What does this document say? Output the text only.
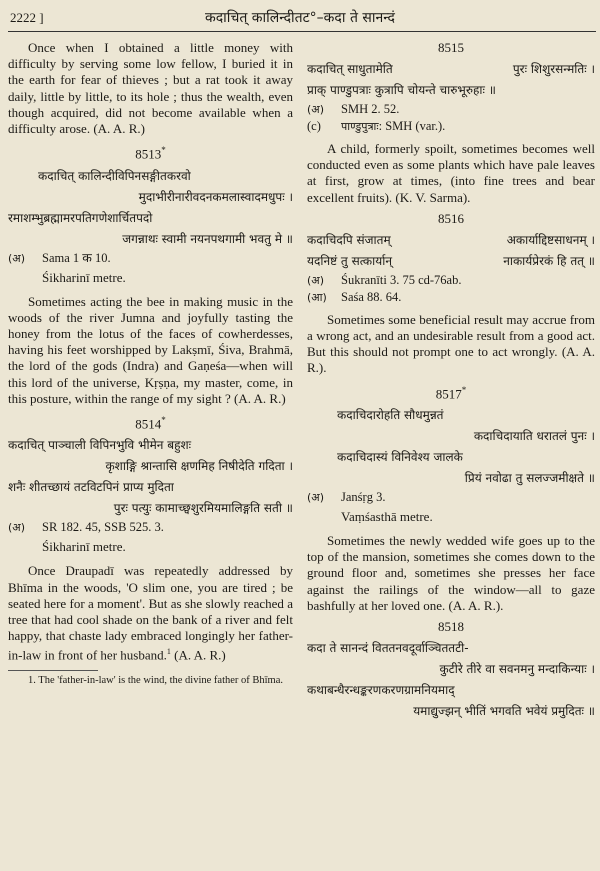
2222 ]	कदाचित् कालिन्दीतट°–कदा ते सानन्दं

Once when I obtained a little money with difficulty by serving some low fellow, I buried it in the earth for fear of thieves ; but a rat took it away daily, little by little, to its hole ; thus the wealth, even though acquired, did not become available when a difficulty arose. (A. A. R.)

8513*
कदाचित् कालिन्दीविपिनसङ्गीतकरवो
मुदाभीरीनारीवदनकमलास्वादमधुपः ।
रमाशम्भुब्रह्मामरपतिगणेशार्चितपदो
जगन्नाथः स्वामी नयनपथगामी भवतु मे ॥
(अ) Sama 1 क 10.
Śikharinī metre.

Sometimes acting the bee in making music in the woods of the river Jumna and joyfully tasting the honey from the lotus of the faces of cowherdesses, having his feet worshipped by Lakṣmī, Śiva, Brahmā, the lord of the gods (Indra) and Gaṇeśa—when will this lord of the universe, Kṛṣṇa, my master, come, in this posture, within the range of my sight ? (A. A. R.)

8514*
कदाचित् पाञ्चाली विपिनभुवि भीमेन बहुशः
कृशाङ्गि श्रान्तासि क्षणमिह निषीदेति गदिता ।
शनैः शीतच्छायं तटविटपिनं प्राप्य मुदिता
पुरः पत्युः कामाच्छ्वशुरमियमालिङ्गति सती ॥
(अ) SR 182. 45, SSB 525. 3.
Śikharinī metre.

Once Draupadī was repeatedly addressed by Bhīma in the woods, 'O slim one, you are tired ; be seated here for a moment'. But as she slowly reached a tree that had cool shade on the bank of a river and felt happy, that chaste lady embraced longingly her father-in-law in front of her husband.$^1$ (A. A. R.)

1. The 'father-in-law' is the wind, the divine father of Bhīma.
8515
कदाचित् साधुतामेति	पुरः शिशुरसन्मतिः ।
प्राक् पाण्डुपत्राः कुत्रापि चोयन्ते चारुभूरुहाः ॥
(अ) SMH 2. 52.
(c) पाण्डुपुत्राः: SMH (var.).

A child, formerly spoilt, sometimes becomes well conducted even as some plants which have pale leaves at first, grow at times, (into fine trees and bear excellent fruits). (K. V. Sarma).

8516
कदाचिदपि संजातम्	अकार्याद्दिष्टसाधनम् ।
यदनिष्टं तु सत्कार्यान्	नाकार्यप्रेरकं हि तत् ॥
(अ) Śukranīti 3. 75 cd-76ab.
(आ) Saśa 88. 64.

Sometimes some beneficial result may accrue from a wrong act, and an undesirable result from a good act. But this should not prompt one to act wrongly. (A. A. R.).

8517*
कदाचिदारोहति सौधमुन्नतं
कदाचिदायाति धरातलं पुनः ।
कदाचिदास्यं विनिवेश्य जालके
प्रियं नवोढा तु सलज्जमीक्षते ॥
(अ) Janśṛg 3.
Vaṃśasthā metre.

Sometimes the newly wedded wife goes up to the top of the mansion, sometimes she comes down to the ground floor and, sometimes she presses her face against the railings of the window—all to gaze bashfully at her loved one. (A. A. R.).

8518
कदा ते सानन्दं विततनवदूर्वाञ्चिततटी-
कुटीरे तीरे वा सवनमनु मन्दाकिन्याः ।
कथाबन्धैरन्धङ्करणकरणग्रामनियमाद्
यमाद्युज्झन् भीतिं भगवति भवेयं प्रमुदितः ॥
